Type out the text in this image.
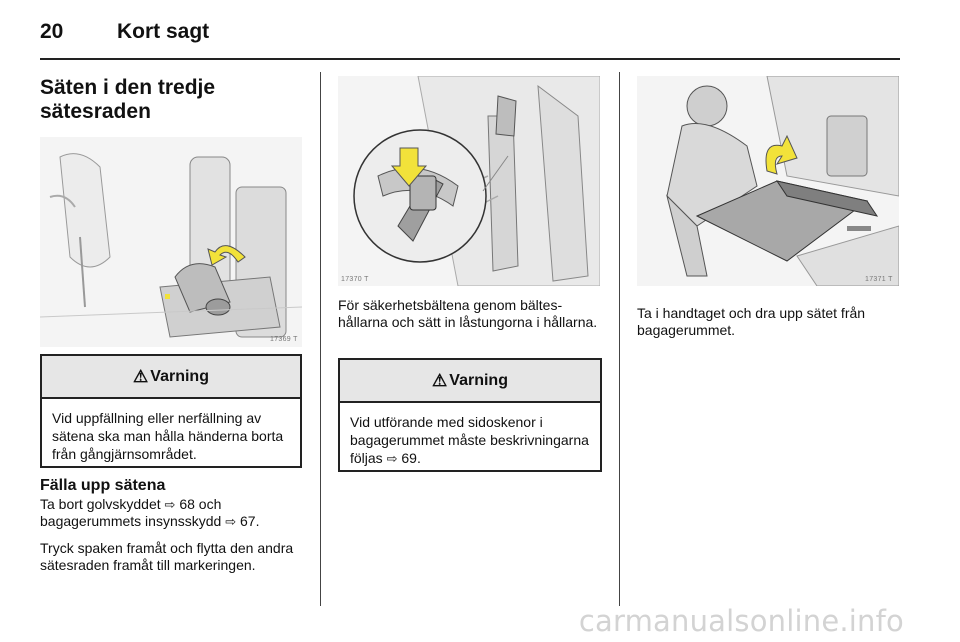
20	Kort sagt
Säten i den tredje
sätesraden
17369 T
⚠ Varning
Vid uppfällning eller nerfällning av sätena ska man hålla händerna borta från gångjärnsområdet.
Fälla upp sätena
Ta bort golvskyddet ⇨ 68 och bagagerummets insynsskydd ⇨ 67.
Tryck spaken framåt och flytta den andra sätesraden framåt till markeringen.
17370 T
För säkerhetsbältena genom bälteshållarna och sätt in låstungorna i hållarna.
⚠ Varning
Vid utförande med sidoskenor i bagagerummet måste beskrivningarna följas ⇨ 69.
17371 T
Ta i handtaget och dra upp sätet från bagagerummet.
carmanualsonline.info
